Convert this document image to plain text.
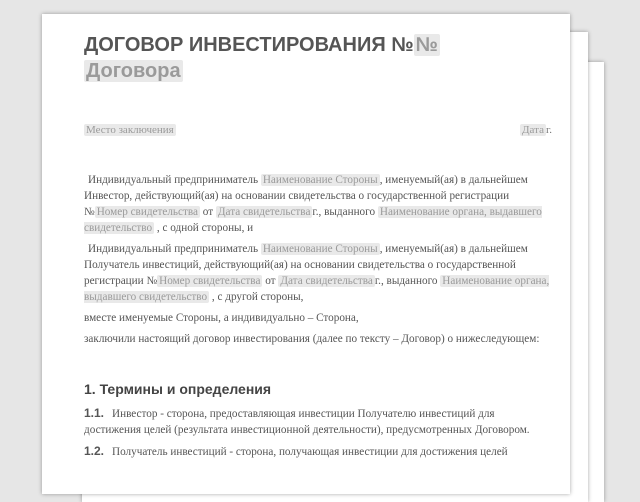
ДОГОВОР ИНВЕСТИРОВАНИЯ № №
Договора
Место заключения	Дата г.

Индивидуальный предприниматель Наименование Стороны , именуемый(ая) в дальнейшем Инвестор, действующий(ая) на основании свидетельства о государственной регистрации № Номер свидетельства от Дата свидетельства г., выданного Наименование органа, выдавшего свидетельство , с одной стороны, и

Индивидуальный предприниматель Наименование Стороны , именуемый(ая) в дальнейшем Получатель инвестиций, действующий(ая) на основании свидетельства о государственной регистрации № Номер свидетельства от Дата свидетельства г., выданного Наименование органа, выдавшего свидетельство , с другой стороны,

вместе именуемые Стороны, а индивидуально – Сторона,

заключили настоящий договор инвестирования (далее по тексту – Договор) о нижеследующем:

1. Термины и определения

1.1. Инвестор - сторона, предоставляющая инвестиции Получателю инвестиций для достижения целей (результата инвестиционной деятельности), предусмотренных Договором.

1.2. Получатель инвестиций - сторона, получающая инвестиции для достижения целей
